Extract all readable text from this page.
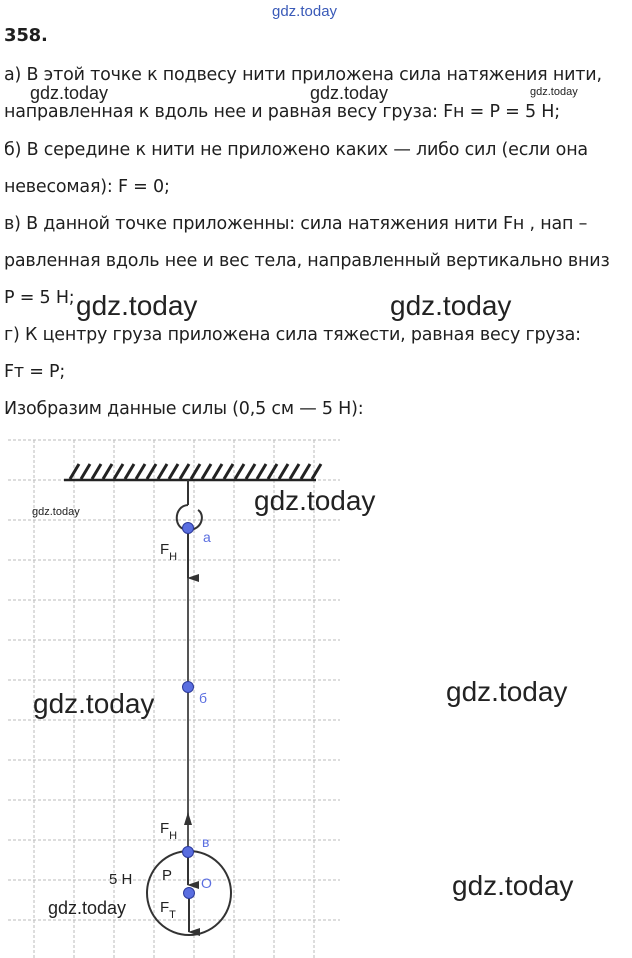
gdz.today
358.
а) В этой точке к подвесу нити приложена сила натяжения нити,
gdz.today	gdz.today	gdz.today
направленная к вдоль нее и равная весу груза: Fн = P = 5 Н;
б) В середине к нити не приложено каких — либо сил (если она
невесомая): F = 0;
в) В данной точке приложенны: сила натяжения нити Fн , нап –
равленная вдоль нее и вес тела, направленный вертикально вниз
P = 5 Н; gdz.today	gdz.today
г) К центру груза приложена сила тяжести, равная весу груза:
Fт = P;
Изобразим данные силы (0,5 см — 5 Н):
a
б
в
O
$F_Н$
$F_Н$
P
$F_Т$
5 Н
gdz.today
gdz.today
gdz.today	gdz.today
gdz.today
gdz.today
